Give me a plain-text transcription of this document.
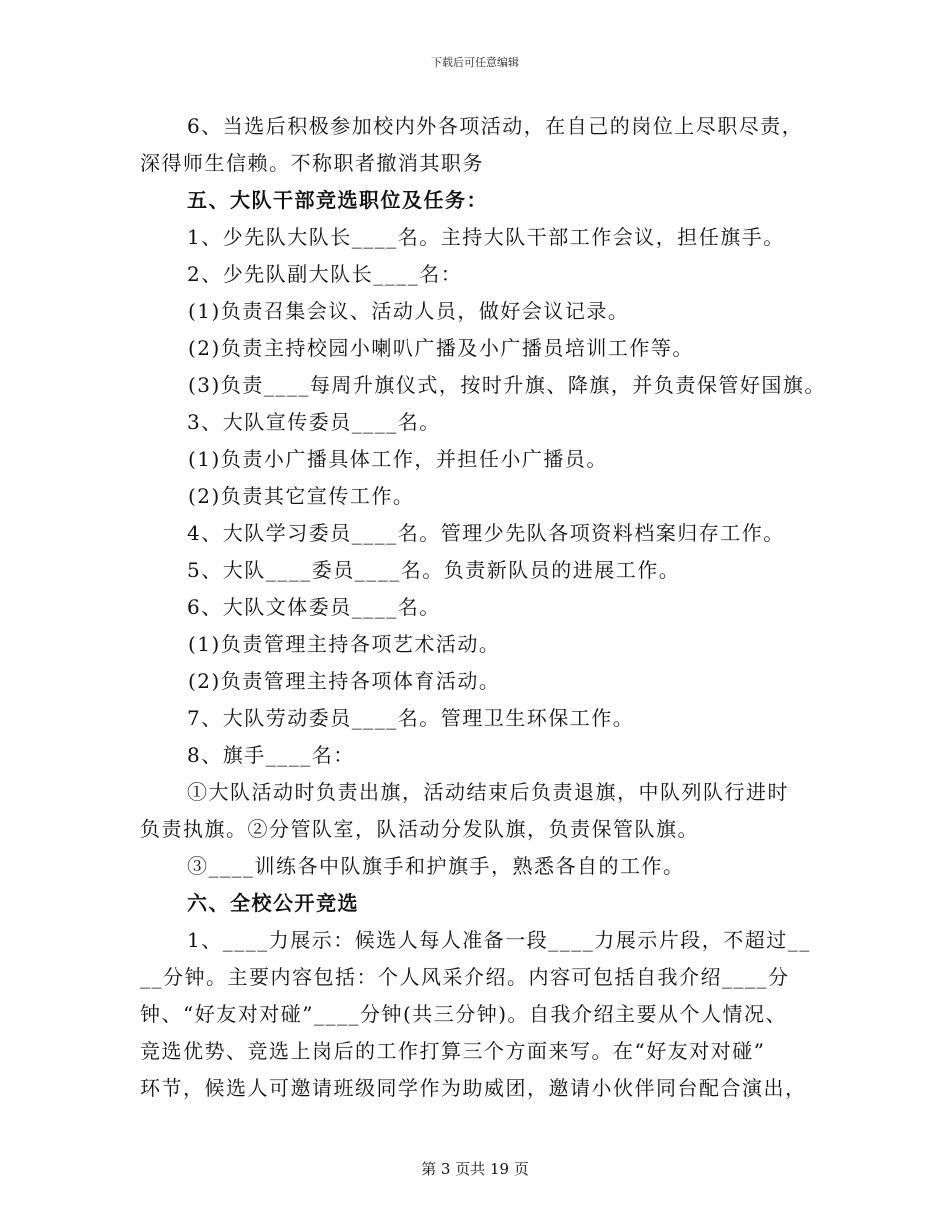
下载后可任意编辑
6、当选后积极参加校内外各项活动，在自己的岗位上尽职尽责，
深得师生信赖。不称职者撤消其职务
五、大队干部竞选职位及任务：
1、少先队大队长____名。主持大队干部工作会议，担任旗手。
2、少先队副大队长____名：
(1)负责召集会议、活动人员，做好会议记录。
(2)负责主持校园小喇叭广播及小广播员培训工作等。
(3)负责____每周升旗仪式，按时升旗、降旗，并负责保管好国旗。
3、大队宣传委员____名。
(1)负责小广播具体工作，并担任小广播员。
(2)负责其它宣传工作。
4、大队学习委员____名。管理少先队各项资料档案归存工作。
5、大队____委员____名。负责新队员的进展工作。
6、大队文体委员____名。
(1)负责管理主持各项艺术活动。
(2)负责管理主持各项体育活动。
7、大队劳动委员____名。管理卫生环保工作。
8、旗手____名：
①大队活动时负责出旗，活动结束后负责退旗，中队列队行进时
负责执旗。②分管队室，队活动分发队旗，负责保管队旗。
③____训练各中队旗手和护旗手，熟悉各自的工作。
六、全校公开竞选
1、____力展示：候选人每人准备一段____力展示片段，不超过__
__分钟。主要内容包括：个人风采介绍。内容可包括自我介绍____分
钟、“好友对对碰”____分钟(共三分钟)。自我介绍主要从个人情况、
竞选优势、竞选上岗后的工作打算三个方面来写。在“好友对对碰”
环节，候选人可邀请班级同学作为助威团，邀请小伙伴同台配合演出，
第 3 页共 19 页
